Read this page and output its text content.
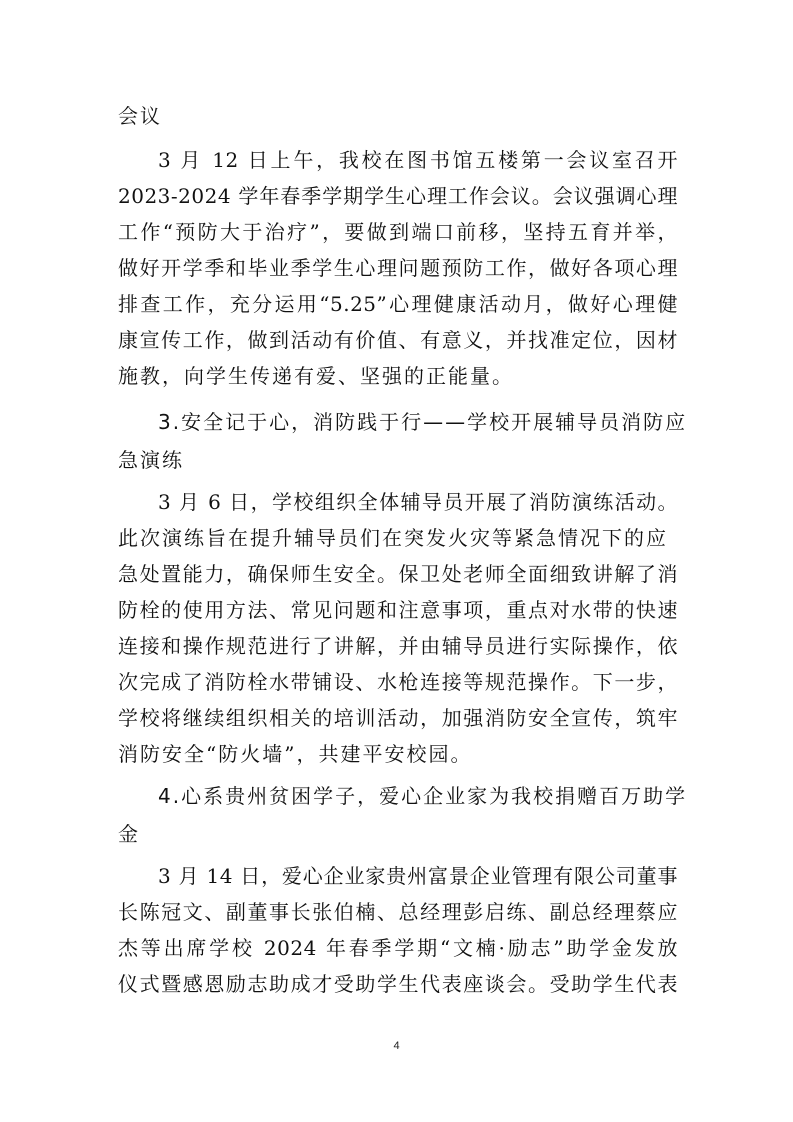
会议
3 月 12 日上午，我校在图书馆五楼第一会议室召开
2023-2024 学年春季学期学生心理工作会议。会议强调心理
工作“预防大于治疗”，要做到端口前移，坚持五育并举，
做好开学季和毕业季学生心理问题预防工作，做好各项心理
排查工作，充分运用“5.25”心理健康活动月，做好心理健
康宣传工作，做到活动有价值、有意义，并找准定位，因材
施教，向学生传递有爱、坚强的正能量。
3.安全记于心，消防践于行——学校开展辅导员消防应
急演练
3 月 6 日，学校组织全体辅导员开展了消防演练活动。
此次演练旨在提升辅导员们在突发火灾等紧急情况下的应
急处置能力，确保师生安全。保卫处老师全面细致讲解了消
防栓的使用方法、常见问题和注意事项，重点对水带的快速
连接和操作规范进行了讲解，并由辅导员进行实际操作，依
次完成了消防栓水带铺设、水枪连接等规范操作。下一步，
学校将继续组织相关的培训活动，加强消防安全宣传，筑牢
消防安全“防火墙”，共建平安校园。
4.心系贵州贫困学子，爱心企业家为我校捐赠百万助学
金
3 月 14 日，爱心企业家贵州富景企业管理有限公司董事
长陈冠文、副董事长张伯楠、总经理彭启练、副总经理蔡应
杰等出席学校 2024 年春季学期“文楠·励志”助学金发放
仪式暨感恩励志助成才受助学生代表座谈会。受助学生代表
4
